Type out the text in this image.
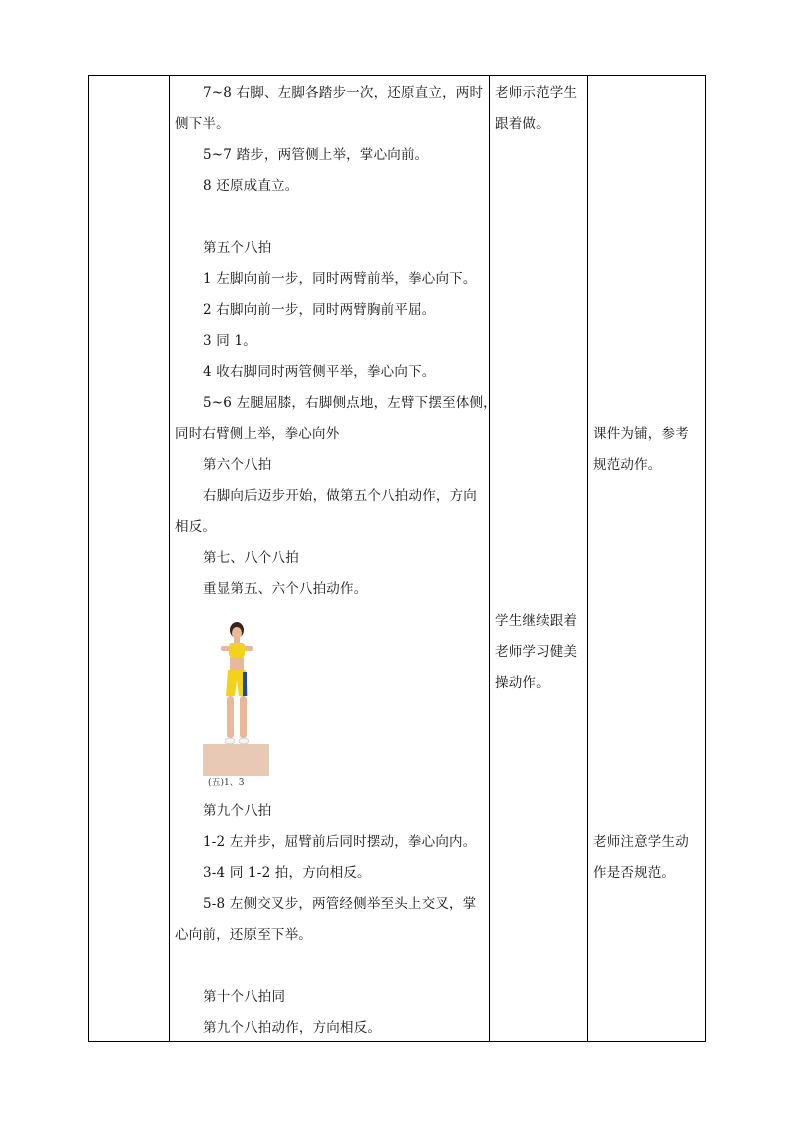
7~8 右脚、左脚各踏步一次，还原直立，两时
侧下半。
5~7 踏步，两管侧上举，掌心向前。
8 还原成直立。
第五个八拍
1 左脚向前一步，同时两臂前举，拳心向下。
2 右脚向前一步，同时两臂胸前平屈。
3 同 1。
4 收右脚同时两管侧平举，拳心向下。
5~6 左腿屈膝，右脚侧点地，左臂下摆至体侧，
同时右臂侧上举，拳心向外
第六个八拍
右脚向后迈步开始，做第五个八拍动作，方向
相反。
第七、八个八拍
重显第五、六个八拍动作。
(五)1、3
第九个八拍
1-2 左并步，屈臂前后同时摆动，拳心向内。
3-4 同 1-2 拍，方向相反。
5-8 左侧交叉步，两管经侧举至头上交叉，掌
心向前，还原至下举。
第十个八拍同
第九个八拍动作，方向相反。
老师示范学生
跟着做。
学生继续跟着
老师学习健美
操动作。
课件为铺，参考
规范动作。
老师注意学生动
作是否规范。
